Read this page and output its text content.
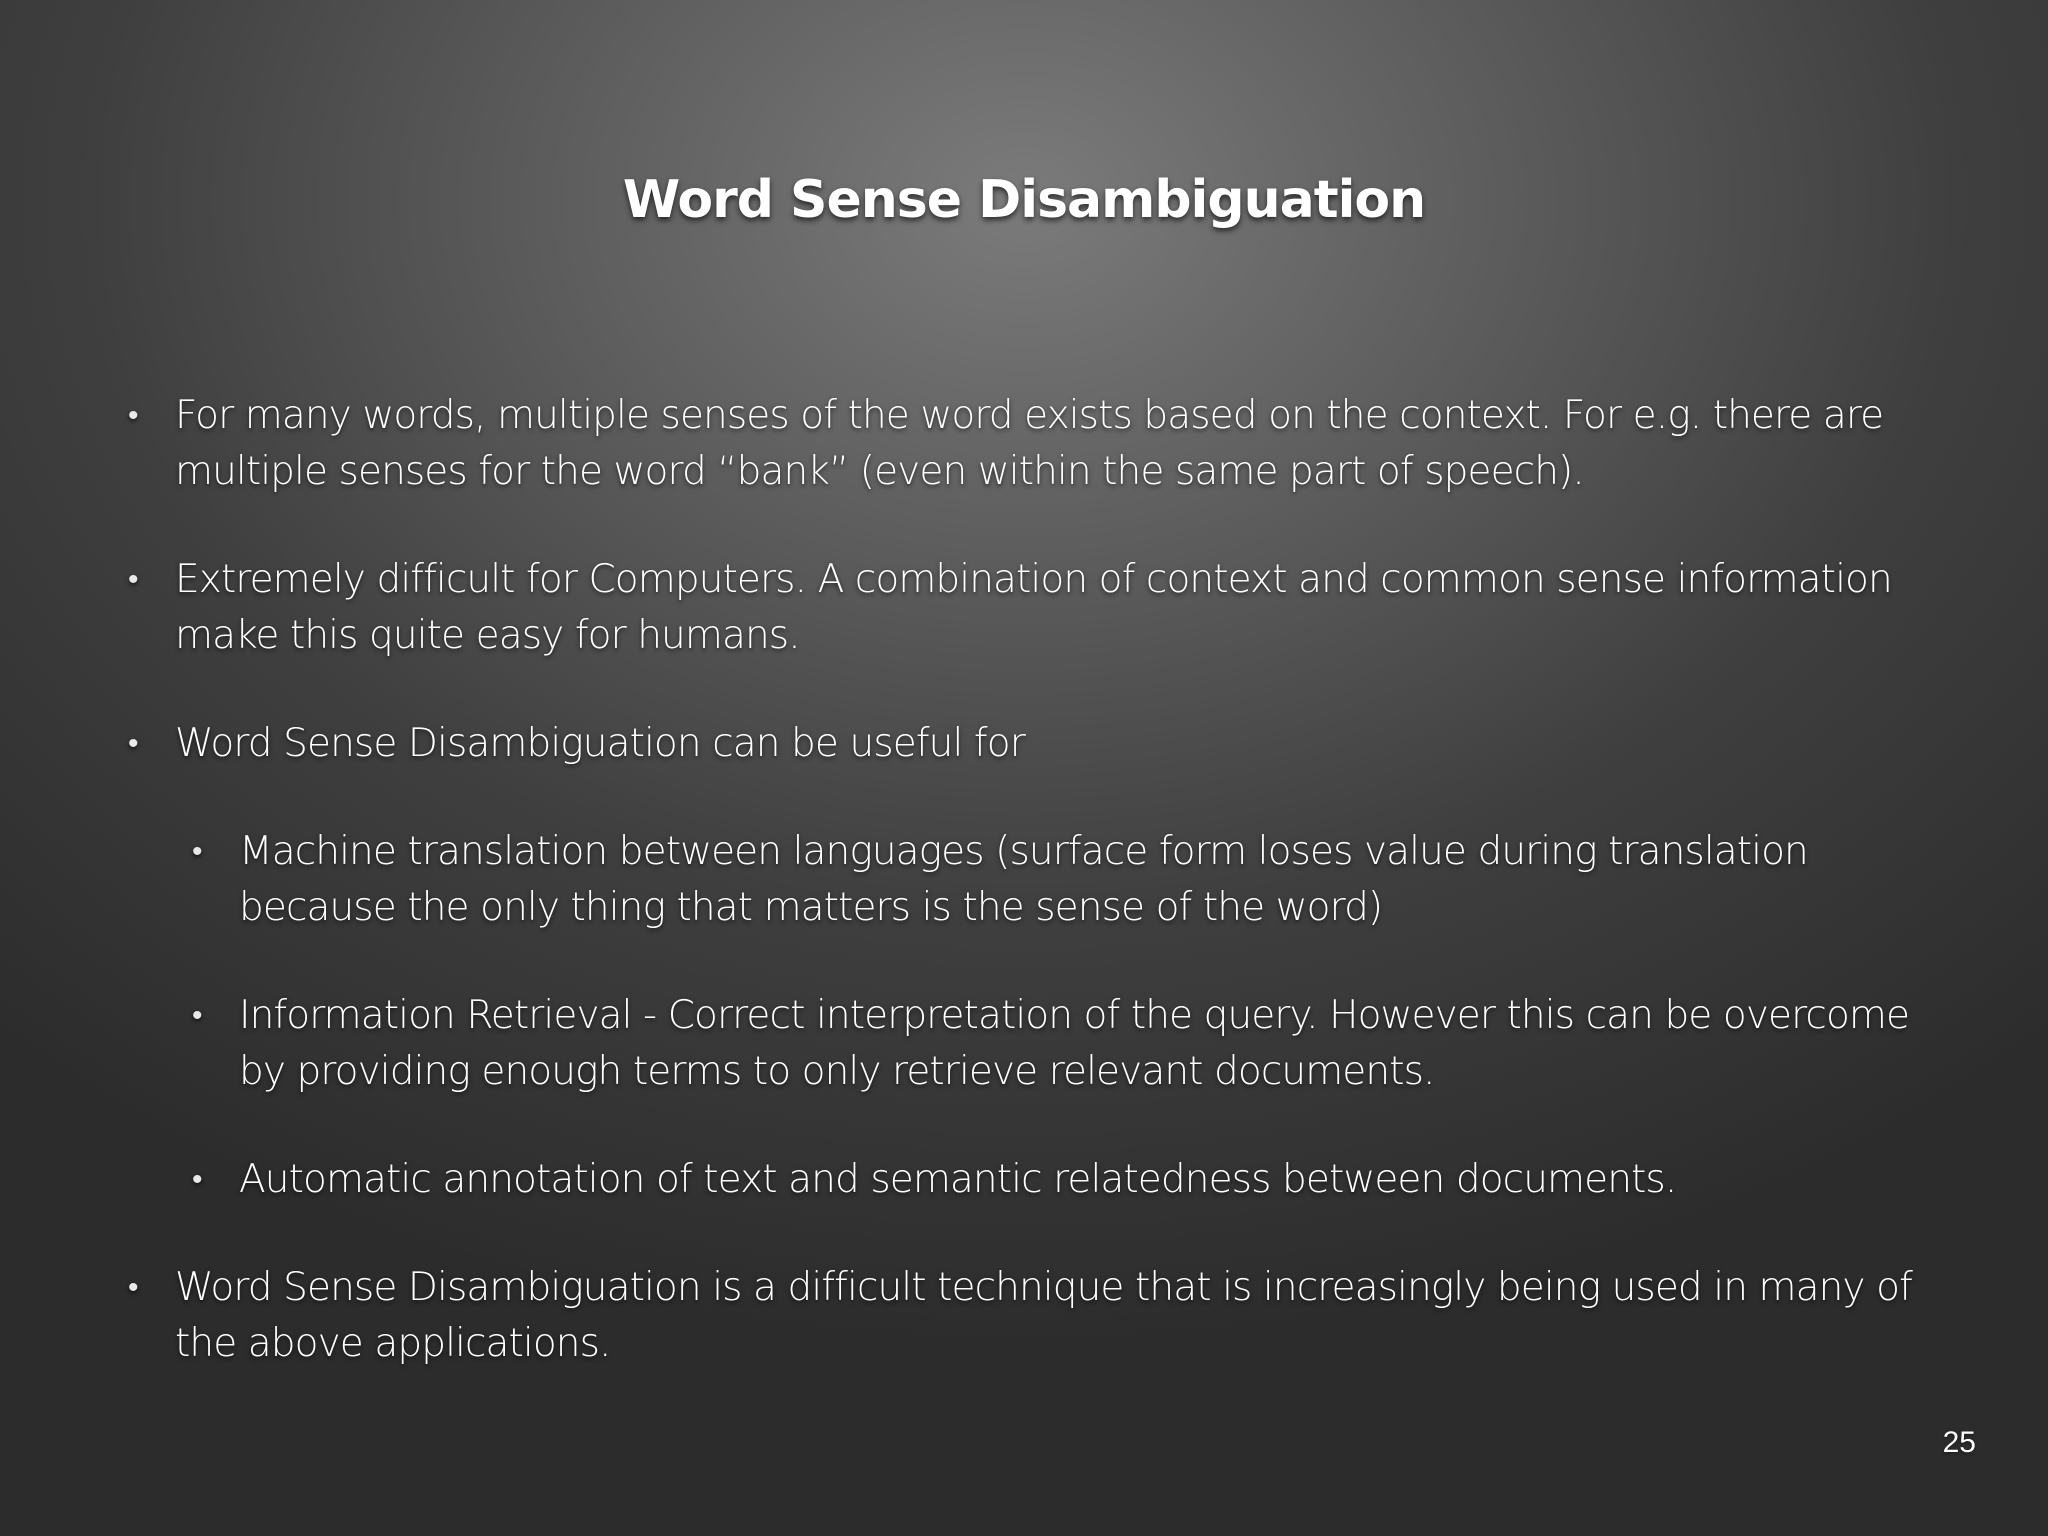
Word Sense Disambiguation
• For many words, multiple senses of the word exists based on the context. For e.g. there are multiple senses for the word “bank” (even within the same part of speech).
• Extremely difficult for Computers. A combination of context and common sense information make this quite easy for humans.
• Word Sense Disambiguation can be useful for
• Machine translation between languages (surface form loses value during translation because the only thing that matters is the sense of the word)
• Information Retrieval - Correct interpretation of the query. However this can be overcome by providing enough terms to only retrieve relevant documents.
• Automatic annotation of text and semantic relatedness between documents.
• Word Sense Disambiguation is a difficult technique that is increasingly being used in many of the above applications.
25
